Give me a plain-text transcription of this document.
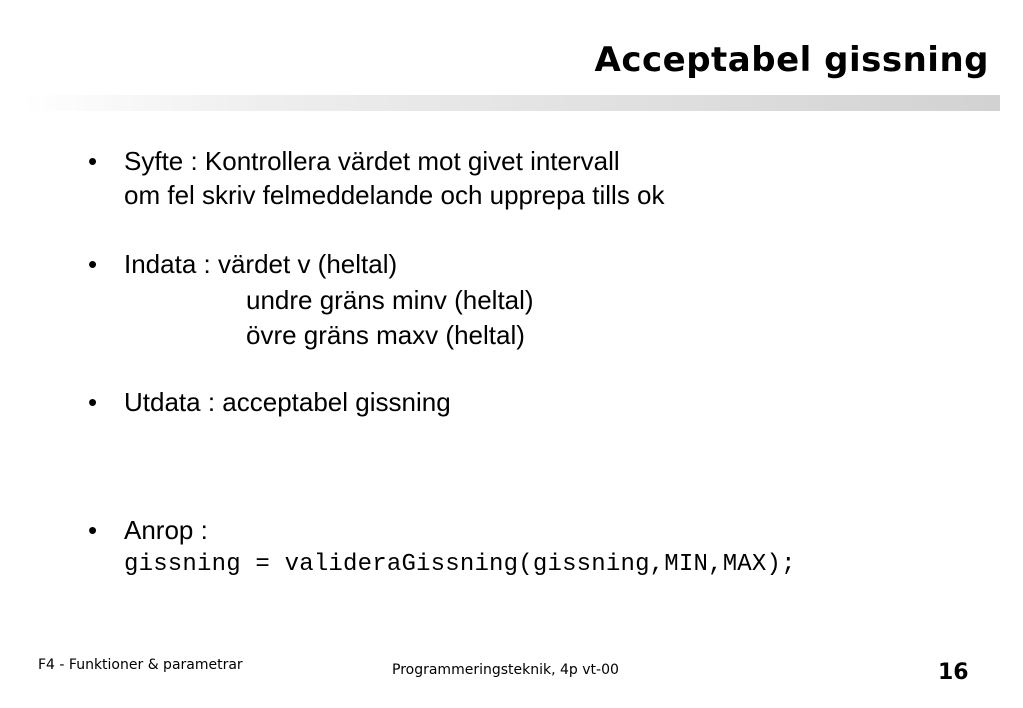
Acceptabel gissning
• Syfte : Kontrollera värdet mot givet intervall
om fel skriv felmeddelande och upprepa tills ok
• Indata : värdet v (heltal)
undre gräns minv (heltal)
övre gräns maxv (heltal)
• Utdata : acceptabel gissning
• Anrop :
gissning = valideraGissning(gissning,MIN,MAX);
F4 - Funktioner & parametrar	Programmeringsteknik, 4p vt-00	16
